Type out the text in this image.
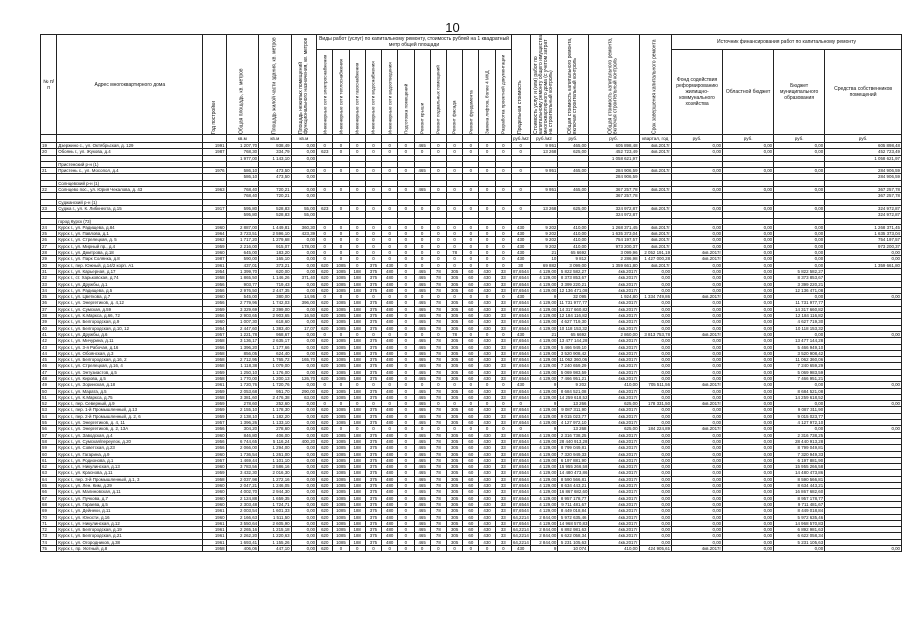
10
№ п/п	Адрес многоквартирного дома	Год постройки	Общая площадь, кв. метров	Площадь жилой части здания, кв. метров	Площадь нежилых помещений функционального назначения, кв. метров	Виды работ (услуг) по капитальному ремонту, стоимость рублей на 1 квадратный метр общей площади												Предельная стоимость	Стоимость услуг и (или) работ по капитальному ремонту общего имущества многоквартирного дома (с учетом затрат на строительный контроль)	Общая стоимость капитального ремонта, включая строительный контроль	Общая стоимость капитального ремонта, включая строительный контроль	Срок завершения капитального ремонта	Источник финансирования работ по капитальному ремонту			
						Инженерные сети электроснабжения	Инженерные сети теплоснабжения	Инженерные сети газоснабжения	Инженерные сети водоснабжения	Инженерные сети водоотведения	Подготовка помещений	Ремонт крыши	Ремонт подвальных помещений	Ремонт фасада	Ремонт фундамента	Замена лифтов, более 4 МКД	Разработка проектной документации						Фонд содействия реформированию жилищно-коммунального хозяйства	Областной бюджет	Бюджет муниципального образования	Средства собственников помещений
			кв.м	кв.м	кв.м													руб./м2	руб./м2	руб.	руб.	квартал, год	руб.	руб.	руб.	руб.
19	Дзержино с., ул. Октябрьская, д. 129	1991	1 207,70	938,49	0,00	0	0	0	0	0	0	465	0	0	0	0	0	0	9 951	465,00	605 898,48	4кв.2017г	0,00	0,00	0,00	605 898,48
20	Обоянь г., ул. Жукова, д.4	1987	768,30	334,79	0,00	623	0	0	0	0	0	0	0	0	0	0	0	0	13 268	625,00	452 723,49	4кв.2017г	0,00	0,00	0,00	452 723,49
			1 977,00	1 143,10	0,00																1 058 621,97					1 058 621,97
	Пристенский р-н (1)																									
21	Пристень с., ул. Мосопол, д.4	1976	586,10	473,50	0,00	0	0	0	0	0	0	465	0	0	0	0	0	0	9 951	465,00	284 906,59	4кв.2017г	0,00	0,00	0,00	284 906,59
			586,10	473,50	0,00																284 906,59					284 906,59
	Солнцевский р-н (1)																									
22	Солнцево пос., ул. Юрия Чекалова, д. 43	1963	768,40	720,21	0,00	0	0	0	0	0	0	465	0	0	0	0	0	0	9 951	465,00	367 257,78	4кв.2017г	0,00	0,00	0,00	367 257,78
			768,40	720,21	0,00																367 257,78					367 257,78
	Суджанский р-н (1)																									
23	Суджа г., ул. К. Либкнехта, д.15	1917	595,80	528,83	55,00	623	0	0	0	0	0	0	0	0	0	0	0	0	13 268	625,00	324 972,87	4кв.2017г	0,00	0,00	0,00	324 972,87
			595,80	528,83	55,00																324 972,87					324 972,87
	город Курск (73)																									
24	Курск г., ул. Радищева, д.84	1960	2 887,00	1 449,81	360,30	0	0	0	0	0	0	0	0	0	0	0	0	430	9 202	410,00	1 268 371,45	4кв.2017г	0,00	0,00	0,00	1 268 371,45
25	Курск г., ул. Павлова, д.1	1964	3 723,51	2 596,10	423,39	0	0	0	0	0	0	0	0	0	0	0	0	430	9 202	410,00	1 635 373,04	4кв.2017г	0,00	0,00	0,00	1 635 373,04
26	Курск г., ул. Стрелецкая, д. 5	1962	1 717,20	1 279,68	0,00	0	0	0	0	0	0	0	0	0	0	0	0	430	9 202	410,00	754 197,57	4кв.2017г	0,00	0,00	0,00	754 197,57
27	Курск г., ул. Мирный пр., д.4	1959	2 216,00	915,07	178,00	0	0	0	0	0	0	0	0	0	0	0	0	430	9 202	410,00	973 200,37	4кв.2017г	0,00	0,00	0,00	973 200,37
28	Курск г., ул. Дмитрова, д.18	1960	645,00	183,20	0,00	0	0	0	0	0	0	0	0	78	0	0	0	430	21	65 6692	3 099,96	2 052 191,19	4кв.2017г	0,00	0,00	0,00
29	Курск г., ул. Парк Солянка, д.8	1987	590,00	165,10	0,00	0	0	0	0	0	0	0	0	0	0	0	0	430	10	9 812	2 286,98	1 427 000,28	4кв.2017г	0,00	0,00	0,00
30	Курск г., пер. Южный, д.14/2 корп. А1	1961	437,01	373,21	0,00	620	1085	0	375	430	0	0	0	0	0	0	0	30	69 882	3 099,00	1 359 661,80	4кв.2017г	0,00	0,00	0,00	1 359 661,80
31	Курск г., ул. Карьерная, д.17	1954	1 399,70	620,00	0,00	620	1085	188	375	480	0	465	78	305	60	430	33	87,6544	4 129,00	5 822 582,27	4кв.2017г	0,00	0,00	0,00	5 822 582,27	
32	Курск г., ст. Харьковская, д.74	1958	1 865,50	1 146,26	371,40	620	1085	188	375	480	0	465	78	305	60	430	33	87,6544	4 129,00	8 373 853,67	4кв.2017г	0,00	0,00	0,00	8 373 853,67	
33	Курск г., ул. Дружбы, д.1	1956	903,77	719,43	0,00	620	1085	188	375	480	0	465	78	305	60	430	33	87,6544	4 129,00	3 399 220,21	4кв.2017г	0,00	0,00	0,00	3 399 220,21	
34	Курск г., ул. Радищева, д.5	1956	2 976,50	2 447,35	0,00	620	1085	188	375	480	0	465	78	305	60	430	33	87,6544	4 129,00	12 136 471,08	4кв.2017г	0,00	0,00	0,00	12 136 471,08	
35	Курск г., ул. Цветкова, д.7	1960	545,00	380,00	14,95	0	0	0	0	0	0	0	0	0	0	0	0	430	9	32 095	1 924,80	1 334 749,86	4кв.2017г	0,00	0,00	0,00
36	Курск г., ул. Энергетиков, д. 4,12	1956	2 779,96	1 742,03	396,00	620	1085	188	375	480	0	465	78	305	60	430	33	87,6544	4 129,00	11 731 977,77	4кв.2017г	0,00	0,00	0,00	11 731 977,77	
37	Курск г., ул. Сумская, д.59	1959	3 329,69	2 399,00	0,00	620	1085	188	375	480	0	465	78	305	60	430	33	87,6544	4 129,00	14 317 660,82	4кв.2017г	0,00	0,00	0,00	14 317 660,82	
38	Курск г., ул. К.Маркса, д.66, 72	1956	2 903,65	2 903,65	16,50	620	1085	188	375	480	0	465	78	305	60	430	33	87,6544	4 129,00	12 184 116,82	4кв.2017г	0,00	0,00	0,00	12 184 116,82	
39	Курск г., ул. Белгородская, д.9	1960	1 007,30	618,60	0,00	620	1085	188	375	480	0	465	78	305	60	430	33	87,6544	4 129,00	4 627 719,30	4кв.2017г	0,00	0,00	0,00	4 627 719,30	
40	Курск г., ул. Белгородская, д.10, 12	1954	2 447,60	1 383,40	17,07	620	1085	188	375	480	0	465	78	305	60	430	33	87,6544	4 129,00	10 118 153,32	4кв.2017г	0,00	0,00	0,00	10 118 153,32	
41	Курск г., ул. Дружбы, д.6	1957	1 221,78	968,67	0,00	0	0	0	0	0	0	0	0	78	0	0	0	430	21	65 6692	2 860,00	3 813 753,78	4кв.2017г	0,00	0,00	0,00
42	Курск г., ул. Мичурина, д.11	1958	3 136,17	2 635,17	0,00	620	1085	188	375	480	0	465	78	305	60	430	33	87,6544	4 129,00	13 477 144,28	4кв.2017г	0,00	0,00	0,00	13 477 144,28	
43	Курск г., ул. 3-я Рабочая, д.16	1956	1 396,20	1 177,66	0,00	620	1085	188	375	480	0	465	78	305	60	430	33	87,6544	4 129,00	5 466 949,10	4кв.2017г	0,00	0,00	0,00	5 466 949,10	
44	Курск г., ул. Обоянская, д.3	1958	856,05	624,40	0,00	620	1085	188	375	480	0	465	78	305	60	430	33	87,6544	4 129,00	3 520 908,42	4кв.2017г	0,00	0,00	0,00	3 520 908,42	
45	Курск г., ул. Белгородская, д.16, 2	1958	2 712,95	1 765,72	165,70	620	1085	188	375	480	0	465	78	305	60	430	33	87,6544	4 129,00	11 062 360,06	4кв.2017г	0,00	0,00	0,00	11 062 360,06	
46	Курск г., ул. Стрелецкая, д.16, 4	1958	1 118,38	1 079,00	0,00	620	1085	188	375	480	0	465	78	305	60	430	33	87,6544	4 129,00	7 240 659,29	4кв.2017г	0,00	0,00	0,00	7 240 659,29	
47	Курск г., ул. Энтузиастов, д.5	1959	1 250,10	1 176,00	0,00	620	1085	188	375	480	0	465	78	305	60	430	33	87,6544	4 129,00	5 069 983,59	4кв.2017г	0,00	0,00	0,00	5 069 983,59	
48	Курск г., ул. Кирова, д.5	1958	1 770,00	1 200,13	126,70	620	1085	188	375	480	0	465	78	305	60	430	33	87,6544	4 129,00	7 466 951,21	4кв.2017г	0,00	0,00	0,00	7 466 951,21	
49	Курск г., ул. Зоринская, д.18	1961	1 720,76	1 720,76	0,00	0	0	0	0	0	0	0	0	0	0	0	0	430	9	9 202	410,00	705 511,56	4кв.2017г	0,00	0,00	0,00
50	Курск г., ул. Марата, д.5	1959	2 053,68	951,70	290,00	620	1085	188	375	480	0	465	78	305	60	430	33	87,6544	4 129,00	8 684 521,08	4кв.2017г	0,00	0,00	0,00	8 684 521,08	
51	Курск г., ул. К.Маркса, д.75	1958	3 381,60	2 476,38	63,00	620	1085	188	375	480	0	465	78	305	60	430	33	87,6544	4 129,00	14 259 618,52	4кв.2017г	0,00	0,00	0,00	14 259 618,52	
52	Курск г., пер. Северный, д.9	1959	278,60	252,60	0,00	0	0	0	0	0	0	465	0	0	0	0	0	0	9	13 266	625,00	178 331,50	4кв.2017г	0,00	0,00	0,00
53	Курск г., пер. 1-й Промышленный, д.13	1959	2 155,10	1 178,30	0,00	620	1085	188	375	480	0	465	78	305	60	430	33	87,6544	4 129,00	9 087 311,90	4кв.2017г	0,00	0,00	0,00	9 087 311,90	
54	Курск г., пер. 2-й Промышленный, д. 2, 6	1959	2 138,10	1 182,20	0,00	620	1085	188	375	480	0	465	78	305	60	430	33	87,6544	4 129,00	9 015 023,77	4кв.2017г	0,00	0,00	0,00	9 015 023,77	
55	Курск г., ул. Энергетиков, д. 4, 11	1957	1 396,26	1 133,10	0,00	620	1085	188	375	480	0	465	78	305	60	430	33	87,6544	4 129,00	4 127 972,10	4кв.2017г	0,00	0,00	0,00	4 127 972,10	
56	Курск г., ул. Энергетиков, д. 2, 13А	1956	304,20	278,60	0,00	620	0	0	0	0	0	0	0	0	0	0	0	0	9	13 268	625,00	184 224,89	4кв.2017г	0,00	0,00	0,00
57	Курск г., ул. Заводская, д.4	1960	846,80	406,00	0,00	620	1085	188	375	480	0	465	78	305	60	430	33	87,6544	4 129,00	2 316 738,25	4кв.2017г	0,00	0,00	0,00	2 316 738,25	
58	Курск г., ул. Сумская/переулок, д.20	1956	6 744,65	5 116,24	400,20	620	1085	188	375	480	0	465	78	305	60	430	33	87,6544	4 129,00	28 440 913,28	4кв.2017г	0,00	0,00	0,00	28 440 913,28	
59	Курск г., ул. Советская, д.23	1956	2 066,00	1 294,00	0,00	620	1085	188	375	480	0	465	78	305	60	430	33	87,6544	4 129,00	8 799 049,81	4кв.2017г	0,00	0,00	0,00	8 799 049,81	
60	Курск г., ул. Гагарина, д.9	1960	1 736,54	1 261,00	0,00	620	1085	188	375	480	0	465	78	305	60	430	33	87,6544	4 129,00	7 320 949,33	4кв.2017г	0,00	0,00	0,00	7 320 949,33	
61	Курск г., ул. Родионова, д.1	1957	1 469,44	1 101,10	0,00	620	1085	188	375	480	0	465	78	305	60	430	33	87,6544	4 129,00	6 197 881,90	4кв.2017г	0,00	0,00	0,00	6 197 881,90	
62	Курск г., ул. Никулинская, д.13	1960	3 783,56	2 586,16	0,00	620	1085	188	375	480	0	465	78	305	60	430	33	87,6544	4 129,00	15 955 266,58	4кв.2017г	0,00	0,00	0,00	15 955 266,58	
63	Курск г., ул. Краснова, д.11	1959	3 432,30	2 016,30	0,00	620	1085	188	375	480	0	465	78	305	60	430	33	87,6544	4 129,00	14 480 473,86	4кв.2017г	0,00	0,00	0,00	14 480 473,86	
64	Курск г., пер. 3-й Промышленный, д.1, 3	1958	2 037,98	1 272,16	0,00	620	1085	188	375	480	0	465	78	305	60	430	33	87,6544	4 129,00	8 590 566,81	4кв.2017г	0,00	0,00	0,00	8 590 566,81	
65	Курск г., ул. Лен. Ким, д.29	1960	2 047,21	1 246,05	0,00	620	1085	188	375	480	0	465	78	305	60	430	33	87,6544	4 129,00	8 634 443,21	4кв.2017г	0,00	0,00	0,00	8 634 443,21	
66	Курск г., ул. Малиновская, д.11	1960	4 002,70	2 944,30	0,00	620	1085	188	375	480	0	465	78	305	60	430	33	87,6544	4 129,00	16 867 682,60	4кв.2017г	0,00	0,00	0,00	16 867 682,60	
67	Курск г., ул. Пучкова, д.7	1960	2 124,88	1 659,35	0,00	620	1085	188	375	480	0	465	78	305	60	430	33	87,6544	4 129,00	8 957 178,77	4кв.2017г	0,00	0,00	0,00	8 957 178,77	
68	Курск г., ул. Гараева, д.5	1960	2 303,48	1 724,71	0,00	620	1085	188	375	480	0	465	78	305	60	430	33	87,6544	4 129,00	9 711 481,67	4кв.2017г	0,00	0,00	0,00	9 711 481,67	
69	Курск г., ул. Дейнеки, д.11	1961	2 003,54	1 601,33	0,00	620	1085	188	375	480	0	465	78	305	60	430	33	87,6544	4 129,00	8 449 018,84	4кв.2017г	0,00	0,00	0,00	8 449 018,84	
70	Курск г., ул. Юности, д.16	1960	2 166,63	1 511,50	0,00	620	1085	188	375	480	0	465	78	305	60	430	33	64,2214	2 844,00	5 972 635,46	4кв.2017г	0,00	0,00	0,00	5 972 635,46	
71	Курск г., ул. Никулинская, д.12	1961	3 550,64	2 605,90	0,00	620	1085	188	375	480	0	465	78	305	60	430	33	87,6544	4 129,00	14 968 570,83	4кв.2017г	0,00	0,00	0,00	14 968 570,83	
72	Курск г., ул. Белгородская, д.19	1961	2 265,16	1 215,18	0,00	620	1085	188	375	480	0	465	78	305	60	430	33	64,2214	2 844,00	6 892 981,63	4кв.2017г	0,00	0,00	0,00	6 892 981,63	
73	Курск г., ул. Белгородская, д.21	1961	2 262,20	1 220,63	0,00	620	1085	188	375	480	0	465	78	305	60	430	33	64,2214	2 844,00	6 622 058,34	4кв.2017г	0,00	0,00	0,00	6 622 058,34	
74	Курск г., ул. Огородников, д.38	1961	1 693,41	1 155,26	0,00	620	1085	188	375	480	0	465	78	305	60	430	33	64,2214	2 844,00	5 231 105,63	4кв.2017г	0,00	0,00	0,00	5 231 105,63	
75	Курск г., пр. Уютный, д.8	1958	406,06	447,10	0,00	620	0	0	0	0	0	0	0	0	0	0	0	430	9	10 074	410,00	424 905,61	4кв.2017г	0,00	0,00	0,00
